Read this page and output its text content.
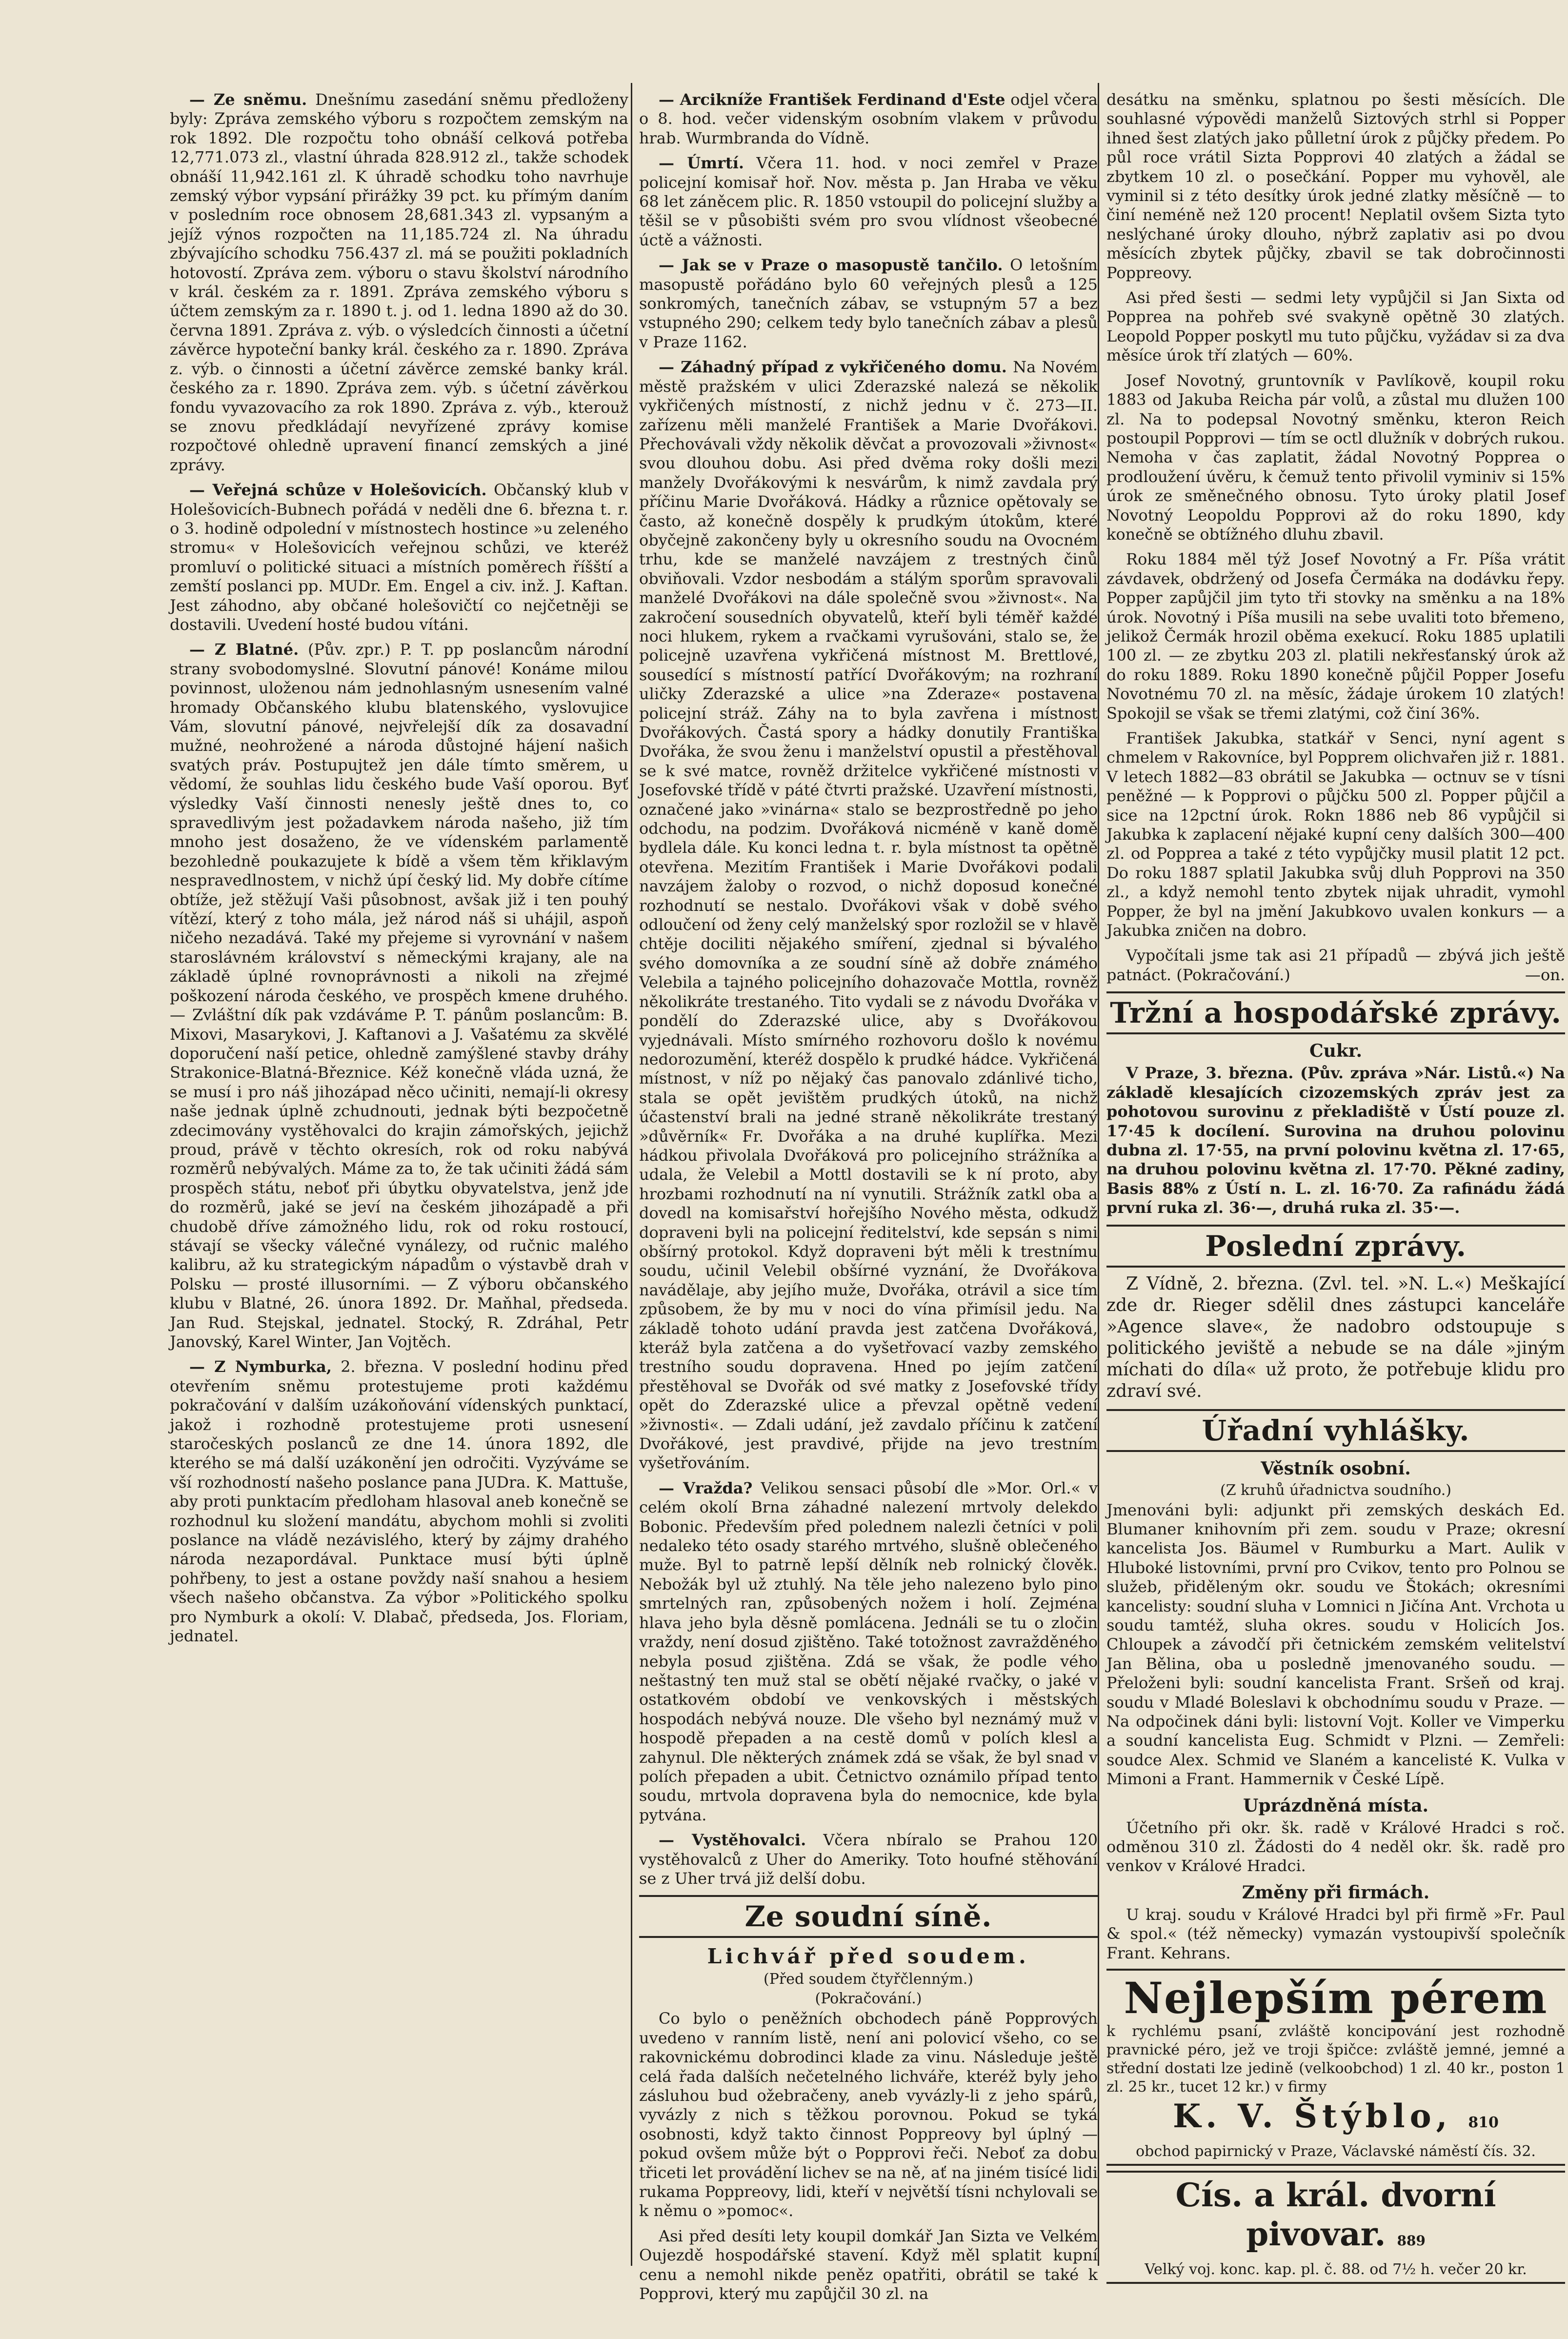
— Ze sněmu. Dnešnímu zasedání sněmu předloženy byly: Zpráva zemského výboru s rozpočtem zemským na rok 1892. Dle rozpočtu toho obnáší celková potřeba 12,771.073 zl., vlastní úhrada 828.912 zl., takže schodek obnáší 11,942.161 zl. K úhradě schodku toho navrhuje zemský výbor vypsání přirážky 39 pct. ku přímým daním v posledním roce obnosem 28,681.343 zl. vypsaným a jejíž výnos rozpočten na 11,185.724 zl. Na úhradu zbývajícího schodku 756.437 zl. má se použiti pokladních hotovostí. Zpráva zem. výboru o stavu školství národního v král. českém za r. 1891. Zpráva zemského výboru s účtem zemským za r. 1890 t. j. od 1. ledna 1890 až do 30. června 1891. Zpráva z. výb. o výsledcích činnosti a účetní závěrce hypoteční banky král. českého za r. 1890. Zpráva z. výb. o činnosti a účetní závěrce zemské banky král. českého za r. 1890. Zpráva zem. výb. s účetní závěrkou fondu vyvazovacího za rok 1890. Zpráva z. výb., kterouž se znovu předkládají nevyřízené zprávy komise rozpočtové ohledně upravení financí zemských a jiné zprávy.

— Veřejná schůze v Holešovicích. Občanský klub v Holešovicích-Bubnech pořádá v neděli dne 6. března t. r. o 3. hodině odpolední v místnostech hostince »u zeleného stromu« v Holešovicích veřejnou schůzi, ve kteréž promluví o politické situaci a místních poměrech říšští a zemští poslanci pp. MUDr. Em. Engel a civ. inž. J. Kaftan. Jest záhodno, aby občané holešovičtí co nejčetněji se dostavili. Uvedení hosté budou vítáni.

— Z Blatné. (Pův. zpr.) P. T. pp poslancům národní strany svobodomyslné. Slovutní pánové! Konáme milou povinnost, uloženou nám jednohlasným usnesením valné hromady Občanského klubu blatenského, vyslovujice Vám, slovutní pánové, nejvřelejší dík za dosavadní mužné, neohrožené a národa důstojné hájení našich svatých práv. Postupujtež jen dále tímto směrem, u vědomí, že souhlas lidu českého bude Vaší oporou. Byť výsledky Vaší činnosti nenesly ještě dnes to, co spravedlivým jest požadavkem národa našeho, již tím mnoho jest dosaženo, že ve vídenském parlamentě bezohledně poukazujete k bídě a všem těm křiklavým nespravedlnostem, v nichž úpí český lid. My dobře cítíme obtíže, jež stěžují Vaši působnost, avšak již i ten pouhý vítězí, který z toho mála, jež národ náš si uhájil, aspoň ničeho nezadává. Také my přejeme si vyrovnání v našem staroslávném království s německými krajany, ale na základě úplné rovnoprávnosti a nikoli na zřejmé poškození národa českého, ve prospěch kmene druhého. — Zvláštní dík pak vzdáváme P. T. pánům poslancům: B. Mixovi, Masarykovi, J. Kaftanovi a J. Vašatému za skvělé doporučení naší petice, ohledně zamýšlené stavby dráhy Strakonice-Blatná-Březnice. Kéž konečně vláda uzná, že se musí i pro náš jihozápad něco učiniti, nemají-li okresy naše jednak úplně zchudnouti, jednak býti bezpočetně zdecimovány vystěhovalci do krajin zámořských, jejichž proud, právě v těchto okresích, rok od roku nabývá rozměrů nebývalých. Máme za to, že tak učiniti žádá sám prospěch státu, neboť při úbytku obyvatelstva, jenž jde do rozměrů, jaké se jeví na českém jihozápadě a při chudobě dříve zámožného lidu, rok od roku rostoucí, stávají se všecky válečné vynálezy, od ručnic malého kalibru, až ku strategickým nápadům o výstavbě drah v Polsku — prosté illusorními. — Z výboru občanského klubu v Blatné, 26. února 1892. Dr. Maňhal, předseda. Jan Rud. Stejskal, jednatel. Stocký, R. Zdráhal, Petr Janovský, Karel Winter, Jan Vojtěch.

— Z Nymburka, 2. března. V poslední hodinu před otevřením sněmu protestujeme proti každému pokračování v dalším uzákoňování vídenských punktací, jakož i rozhodně protestujeme proti usnesení staročeských poslanců ze dne 14. února 1892, dle kterého se má další uzákonění jen odročiti. Vyzýváme se vší rozhodností našeho poslance pana JUDra. K. Mattuše, aby proti punktacím předloham hlasoval aneb konečně se rozhodnul ku složení mandátu, abychom mohli si zvoliti poslance na vládě nezávislého, který by zájmy drahého národa nezapordával. Punktace musí býti úplně pohřbeny, to jest a ostane povždy naší snahou a hesiem všech našeho občanstva. Za výbor »Politického spolku pro Nymburk a okolí: V. Dlabač, předseda, Jos. Floriam, jednatel.

— Arcikníže František Ferdinand d'Este odjel včera o 8. hod. večer videnským osobním vlakem v průvodu hrab. Wurmbranda do Vídně.

— Úmrtí. Včera 11. hod. v noci zemřel v Praze policejní komisař hoř. Nov. města p. Jan Hraba ve věku 68 let záněcem plic. R. 1850 vstoupil do policejní služby a těšil se v působišti svém pro svou vlídnost všeobecné úctě a vážnosti.

— Jak se v Praze o masopustě tančilo. O letošním masopustě pořádáno bylo 60 veřejných plesů a 125 sonkromých, tanečních zábav, se vstupným 57 a bez vstupného 290; celkem tedy bylo tanečních zábav a plesů v Praze 1162.

— Záhadný případ z vykřičeného domu. Na Novém městě pražském v ulici Zderazské nalezá se několik vykřičených místností, z nichž jednu v č. 273—II. zařízenu měli manželé František a Marie Dvořákovi. Přechovávali vždy několik děvčat a provozovali »živnost« svou dlouhou dobu. Asi před dvěma roky došli mezi manžely Dvořákovými k nesvárům, k nimž zavdala prý příčinu Marie Dvořáková. Hádky a různice opětovaly se často, až konečně dospěly k prudkým útokům, které obyčejně zakončeny byly u okresního soudu na Ovocném trhu, kde se manželé navzájem z trestných činů obviňovali. Vzdor nesbodám a stálým sporům spravovali manželé Dvořákovi na dále společně svou »živnost«. Na zakročení sousedních obyvatelů, kteří byli téměř každé noci hlukem, rykem a rvačkami vyrušováni, stalo se, že policejně uzavřena vykřičená místnost M. Brettlové, sousedící s místností patřící Dvořákovým; na rozhraní uličky Zderazské a ulice »na Zderaze« postavena policejní stráž. Záhy na to byla zavřena i místnost Dvořákových. Častá spory a hádky donutily Františka Dvořáka, že svou ženu i manželství opustil a přestěhoval se k své matce, rovněž držitelce vykřičené místnosti v Josefovské třídě v páté čtvrti pražské. Uzavření místnosti, označené jako »vinárna« stalo se bezprostředně po jeho odchodu, na podzim. Dvořáková nicméně v kaně domě bydlela dále. Ku konci ledna t. r. byla místnost ta opětně otevřena. Mezitím František i Marie Dvořákovi podali navzájem žaloby o rozvod, o nichž doposud konečné rozhodnutí se nestalo. Dvořákovi však v době svého odloučení od ženy celý manželský spor rozložil se v hlavě chtěje dociliti nějakého smíření, zjednal si bývalého svého domovníka a ze soudní síně až dobře známého Velebila a tajného policejního dohazovače Mottla, rovněž několikráte trestaného. Tito vydali se z návodu Dvořáka v pondělí do Zderazské ulice, aby s Dvořákovou vyjednávali. Místo smírného rozhovoru došlo k novému nedorozumění, kteréž dospělo k prudké hádce. Vykřičená místnost, v níž po nějaký čas panovalo zdánlivé ticho, stala se opět jevištěm prudkých útoků, na nichž účastenství brali na jedné straně několikráte trestaný »důvěrník« Fr. Dvořáka a na druhé kuplířka. Mezi hádkou přivolala Dvořáková pro policejního strážníka a udala, že Velebil a Mottl dostavili se k ní proto, aby hrozbami rozhodnutí na ní vynutili. Strážník zatkl oba a dovedl na komisařství hořejšího Nového města, odkudž dopraveni byli na policejní ředitelství, kde sepsán s nimi obšírný protokol. Když dopraveni být měli k trestnímu soudu, učinil Velebil obšírné vyznání, že Dvořákova navádělaje, aby jejího muže, Dvořáka, otrávil a sice tím způsobem, že by mu v noci do vína přimísil jedu. Na základě tohoto udání pravda jest zatčena Dvořáková, kteráž byla zatčena a do vyšetřovací vazby zemského trestního soudu dopravena. Hned po jejím zatčení přestěhoval se Dvořák od své matky z Josefovské třídy opět do Zderazské ulice a převzal opětně vedení »živnosti«. — Zdali udání, jež zavdalo příčinu k zatčení Dvořákové, jest pravdivé, přijde na jevo trestním vyšetřováním.

— Vražda? Velikou sensaci působí dle »Mor. Orl.« v celém okolí Brna záhadné nalezení mrtvoly delekdo Bobonic. Především před polednem nalezli četníci v poli nedaleko této osady starého mrtvého, slušně oblečeného muže. Byl to patrně lepší dělník neb rolnický člověk. Nebožák byl už ztuhlý. Na těle jeho nalezeno bylo pino smrtelných ran, způsobených nožem i holí. Zejména hlava jeho byla děsně pomlácena. Jednáli se tu o zločin vraždy, není dosud zjištěno. Také totožnost zavražděného nebyla posud zjištěna. Zdá se však, že podle vého neštastný ten muž stal se obětí nějaké rvačky, o jaké v ostatkovém období ve venkovských i městských hospodách nebývá nouze. Dle všeho byl neznámý muž v hospodě přepaden a na cestě domů v polích klesl a zahynul. Dle některých známek zdá se však, že byl snad v polích přepaden a ubit. Četnictvo oznámilo případ tento soudu, mrtvola dopravena byla do nemocnice, kde byla pytvána.

— Vystěhovalci. Včera nbíralo se Prahou 120 vystěhovalců z Uher do Ameriky. Toto houfné stěhování se z Uher trvá již delší dobu.

Ze soudní síně.
Lichvář před soudem.
(Před soudem čtyřčlenným.)
(Pokračování.)

Co bylo o peněžních obchodech páně Popprových uvedeno v ranním listě, není ani polovicí všeho, co se rakovnickému dobrodinci klade za vinu. Následuje ještě celá řada dalších nečetelného lichváře, kteréž byly jeho zásluhou bud ožebračeny, aneb vyvázly-li z jeho spárů, vyvázly z nich s těžkou porovnou. Pokud se tyká osobnosti, když takto činnost Poppreovy byl úplný — pokud ovšem může být o Popprovi řeči. Neboť za dobu třiceti let provádění lichev se na ně, ať na jiném tisícé lidi rukama Poppreovy, lidi, kteří v největší tísni nchylovali se k němu o »pomoc«.

Asi před desíti lety koupil domkář Jan Sizta ve Velkém Oujezdě hospodářské stavení. Když měl splatit kupní cenu a nemohl nikde peněz opatřiti, obrátil se také k Popprovi, který mu zapůjčil 30 zl. na

desátku na směnku, splatnou po šesti měsících. Dle souhlasné výpovědi manželů Siztových strhl si Popper ihned šest zlatých jako půlletní úrok z půjčky předem. Po půl roce vrátil Sizta Popprovi 40 zlatých a žádal se zbytkem 10 zl. o posečkání. Popper mu vyhověl, ale vyminil si z této desítky úrok jedné zlatky měsíčně — to činí neméně než 120 procent! Neplatil ovšem Sizta tyto neslýchané úroky dlouho, nýbrž zaplativ asi po dvou měsících zbytek půjčky, zbavil se tak dobročinnosti Poppreovy.

Asi před šesti — sedmi lety vypůjčil si Jan Sixta od Popprea na pohřeb své svakyně opětně 30 zlatých. Leopold Popper poskytl mu tuto půjčku, vyžádav si za dva měsíce úrok tří zlatých — 60%.

Josef Novotný, gruntovník v Pavlíkově, koupil roku 1883 od Jakuba Reicha pár volů, a zůstal mu dlužen 100 zl. Na to podepsal Novotný směnku, kteron Reich postoupil Popprovi — tím se octl dlužník v dobrých rukou. Nemoha v čas zaplatit, žádal Novotný Popprea o prodloužení úvěru, k čemuž tento přivolil vyminiv si 15% úrok ze směnečného obnosu. Tyto úroky platil Josef Novotný Leopoldu Popprovi až do roku 1890, kdy konečně se obtížného dluhu zbavil.

Roku 1884 měl týž Josef Novotný a Fr. Píša vrátit závdavek, obdržený od Josefa Čermáka na dodávku řepy. Popper zapůjčil jim tyto tři stovky na směnku a na 18% úrok. Novotný i Píša musili na sebe uvaliti toto břemeno, jelikož Čermák hrozil oběma exekucí. Roku 1885 uplatili 100 zl. — ze zbytku 203 zl. platili nekřesťanský úrok až do roku 1889. Roku 1890 konečně půjčil Popper Josefu Novotnému 70 zl. na měsíc, žádaje úrokem 10 zlatých! Spokojil se však se třemi zlatými, což činí 36%.

František Jakubka, statkář v Senci, nyní agent s chmelem v Rakovníce, byl Popprem olichvařen již r. 1881. V letech 1882—83 obrátil se Jakubka — octnuv se v tísni peněžné — k Popprovi o půjčku 500 zl. Popper půjčil a sice na 12pctní úrok. Rokn 1886 neb 86 vypůjčil si Jakubka k zaplacení nějaké kupní ceny dalších 300—400 zl. od Popprea a také z této vypůjčky musil platit 12 pct. Do roku 1887 splatil Jakubka svůj dluh Popprovi na 350 zl., a když nemohl tento zbytek nijak uhradit, vymohl Popper, že byl na jmění Jakubkovo uvalen konkurs — a Jakubka zničen na dobro.

Vypočítali jsme tak asi 21 případů — zbývá jich ještě patnáct. (Pokračování.)	—on.

Tržní a hospodářské zprávy.
Cukr.

V Praze, 3. března. (Pův. zpráva »Nár. Listů.«) Na základě klesajících cizozemských zpráv jest za pohotovou surovinu z překladiště v Ústí pouze zl. 17·45 k docílení. Surovina na druhou polovinu dubna zl. 17·55, na první polovinu května zl. 17·65, na druhou polovinu května zl. 17·70. Pěkné zadiny, Basis 88% z Ústí n. L. zl. 16·70. Za rafinádu žádá první ruka zl. 36·—, druhá ruka zl. 35·—.

Poslední zprávy.

Z Vídně, 2. března. (Zvl. tel. »N. L.«) Meškající zde dr. Rieger sdělil dnes zástupci kanceláře »Agence slave«, že nadobro odstoupuje s politického jeviště a nebude se na dále »jiným míchati do díla« už proto, že potřebuje klidu pro zdraví své.

Úřadní vyhlášky.
Věstník osobní.
(Z kruhů úřadnictva soudního.)

Jmenováni byli: adjunkt při zemských deskách Ed. Blumaner knihovním při zem. soudu v Praze; okresní kancelista Jos. Bäumel v Rumburku a Mart. Aulik v Hluboké listovními, první pro Cvikov, tento pro Polnou se služeb, přiděleným okr. soudu ve Štokách; okresními kancelisty: soudní sluha v Lomnici n Jičína Ant. Vrchota u soudu tamtéž, sluha okres. soudu v Holicích Jos. Chloupek a závodčí při četnickém zemském velitelství Jan Bělina, oba u posledně jmenovaného soudu. — Přeloženi byli: soudní kancelista Frant. Sršeň od kraj. soudu v Mladé Boleslavi k obchodnímu soudu v Praze. — Na odpočinek dáni byli: listovní Vojt. Koller ve Vimperku a soudní kancelista Eug. Schmidt v Plzni. — Zemřeli: soudce Alex. Schmid ve Slaném a kancelisté K. Vulka v Mimoni a Frant. Hammernik v České Lípě.

Uprázdněná místa.

Účetního při okr. šk. radě v Králové Hradci s roč. odměnou 310 zl. Žádosti do 4 neděl okr. šk. radě pro venkov v Králové Hradci.

Změny při firmách.

U kraj. soudu v Králové Hradci byl při firmě »Fr. Paul & spol.« (též německy) vymazán vystoupivší společník Frant. Kehrans.

Nejlepším pérem
k rychlému psaní, zvláště koncipování jest rozhodně pravnické péro, jež ve troji špičce: zvláště jemné, jemné a střední dostati lze jedině (velkoobchod) 1 zl. 40 kr., poston 1 zl. 25 kr., tucet 12 kr.) v firmy
K. V. Štýblo, 810
obchod papirnický v Praze, Václavské náměstí čís. 32.
Cís. a král. dvorní pivovar. 889
Velký voj. konc. kap. pl. č. 88. od 7½ h. večer 20 kr.
